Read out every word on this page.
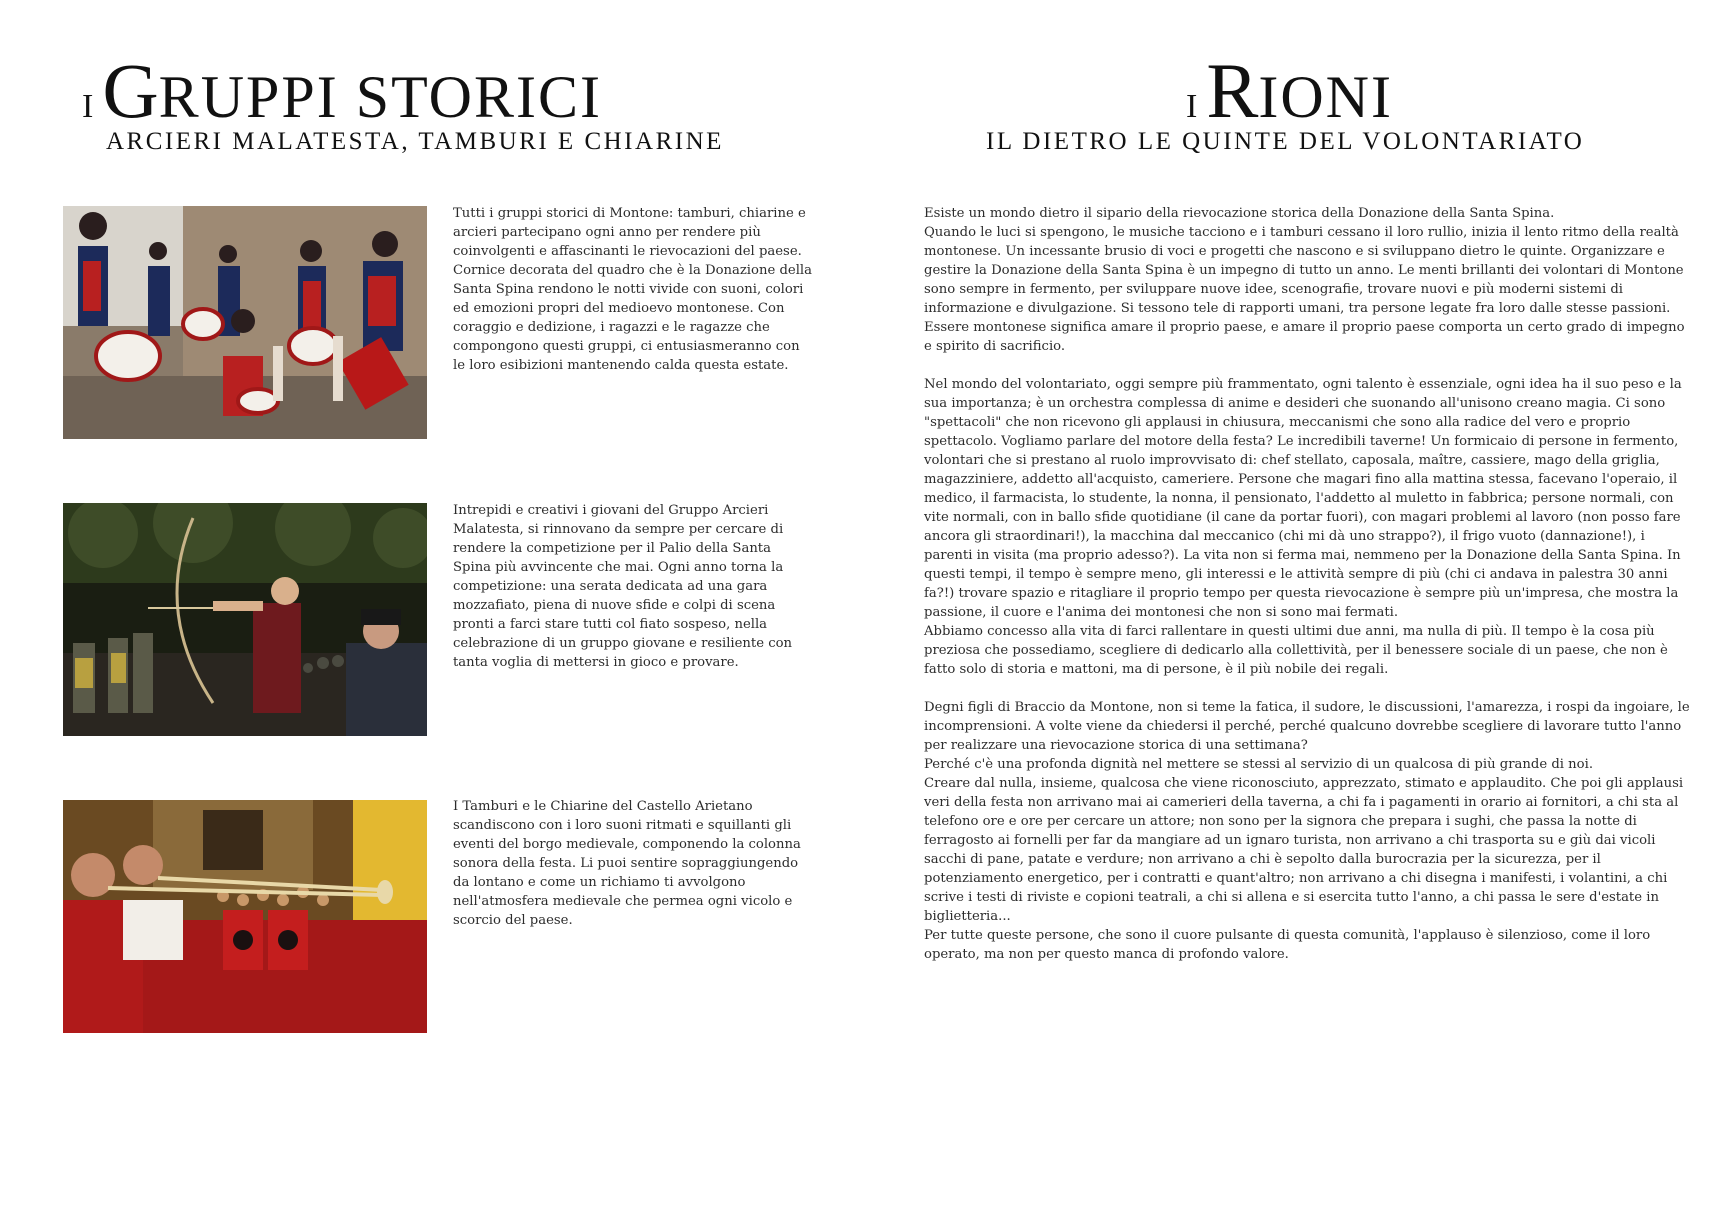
I GRUPPI STORICI
ARCIERI MALATESTA, TAMBURI E CHIARINE

Tutti i gruppi storici di Montone: tamburi, chiarine e arcieri partecipano ogni anno per rendere più coinvolgenti e affascinanti le rievocazioni del paese. Cornice decorata del quadro che è la Donazione della Santa Spina rendono le notti vivide con suoni, colori ed emozioni propri del medioevo montonese. Con coraggio e dedizione, i ragazzi e le ragazze che compongono questi gruppi, ci entusiasmeranno con le loro esibizioni mantenendo calda questa estate.

Intrepidi e creativi i giovani del Gruppo Arcieri Malatesta, si rinnovano da sempre per cercare di rendere la competizione per il Palio della Santa Spina più avvincente che mai. Ogni anno torna la competizione: una serata dedicata ad una gara mozzafiato, piena di nuove sfide e colpi di scena pronti a farci stare tutti col fiato sospeso, nella celebrazione di un gruppo giovane e resiliente con tanta voglia di mettersi in gioco e provare.

I Tamburi e le Chiarine del Castello Arietano scandiscono con i loro suoni ritmati e squillanti gli eventi del borgo medievale, componendo la colonna sonora della festa. Li puoi sentire sopraggiungendo da lontano e come un richiamo ti avvolgono nell'atmosfera medievale che permea ogni vicolo e scorcio del paese.

I RIONI
IL DIETRO LE QUINTE DEL VOLONTARIATO

Esiste un mondo dietro il sipario della rievocazione storica della Donazione della Santa Spina.

Quando le luci si spengono, le musiche tacciono e i tamburi cessano il loro rullio, inizia il lento ritmo della realtà montonese. Un incessante brusio di voci e progetti che nascono e si sviluppano dietro le quinte. Organizzare e gestire la Donazione della Santa Spina è un impegno di tutto un anno. Le menti brillanti dei volontari di Montone sono sempre in fermento, per sviluppare nuove idee, scenografie, trovare nuovi e più moderni sistemi di informazione e divulgazione. Si tessono tele di rapporti umani, tra persone legate fra loro dalle stesse passioni. Essere montonese significa amare il proprio paese, e amare il proprio paese comporta un certo grado di impegno e spirito di sacrificio.

Nel mondo del volontariato, oggi sempre più frammentato, ogni talento è essenziale, ogni idea ha il suo peso e la sua importanza; è un orchestra complessa di anime e desideri che suonando all'unisono creano magia. Ci sono "spettacoli" che non ricevono gli applausi in chiusura, meccanismi che sono alla radice del vero e proprio spettacolo. Vogliamo parlare del motore della festa? Le incredibili taverne! Un formicaio di persone in fermento, volontari che si prestano al ruolo improvvisato di: chef stellato, caposala, maître, cassiere, mago della griglia, magazziniere, addetto all'acquisto, cameriere. Persone che magari fino alla mattina stessa, facevano l'operaio, il medico, il farmacista, lo studente, la nonna, il pensionato, l'addetto al muletto in fabbrica; persone normali, con vite normali, con in ballo sfide quotidiane (il cane da portar fuori), con magari problemi al lavoro (non posso fare ancora gli straordinari!), la macchina dal meccanico (chi mi dà uno strappo?), il frigo vuoto (dannazione!), i parenti in visita (ma proprio adesso?). La vita non si ferma mai, nemmeno per la Donazione della Santa Spina. In questi tempi, il tempo è sempre meno, gli interessi e le attività sempre di più (chi ci andava in palestra 30 anni fa?!) trovare spazio e ritagliare il proprio tempo per questa rievocazione è sempre più un'impresa, che mostra la passione, il cuore e l'anima dei montonesi che non si sono mai fermati.

Abbiamo concesso alla vita di farci rallentare in questi ultimi due anni, ma nulla di più. Il tempo è la cosa più preziosa che possediamo, scegliere di dedicarlo alla collettività, per il benessere sociale di un paese, che non è fatto solo di storia e mattoni, ma di persone, è il più nobile dei regali.

Degni figli di Braccio da Montone, non si teme la fatica, il sudore, le discussioni, l'amarezza, i rospi da ingoiare, le incomprensioni. A volte viene da chiedersi il perché, perché qualcuno dovrebbe scegliere di lavorare tutto l'anno per realizzare una rievocazione storica di una settimana?

Perché c'è una profonda dignità nel mettere se stessi al servizio di un qualcosa di più grande di noi.

Creare dal nulla, insieme, qualcosa che viene riconosciuto, apprezzato, stimato e applaudito. Che poi gli applausi veri della festa non arrivano mai ai camerieri della taverna, a chi fa i pagamenti in orario ai fornitori, a chi sta al telefono ore e ore per cercare un attore; non sono per la signora che prepara i sughi, che passa la notte di ferragosto ai fornelli per far da mangiare ad un ignaro turista, non arrivano a chi trasporta su e giù dai vicoli sacchi di pane, patate e verdure; non arrivano a chi è sepolto dalla burocrazia per la sicurezza, per il potenziamento energetico, per i contratti e quant'altro; non arrivano a chi disegna i manifesti, i volantini, a chi scrive i testi di riviste e copioni teatrali, a chi si allena e si esercita tutto l'anno, a chi passa le sere d'estate in biglietteria...

Per tutte queste persone, che sono il cuore pulsante di questa comunità, l'applauso è silenzioso, come il loro operato, ma non per questo manca di profondo valore.
